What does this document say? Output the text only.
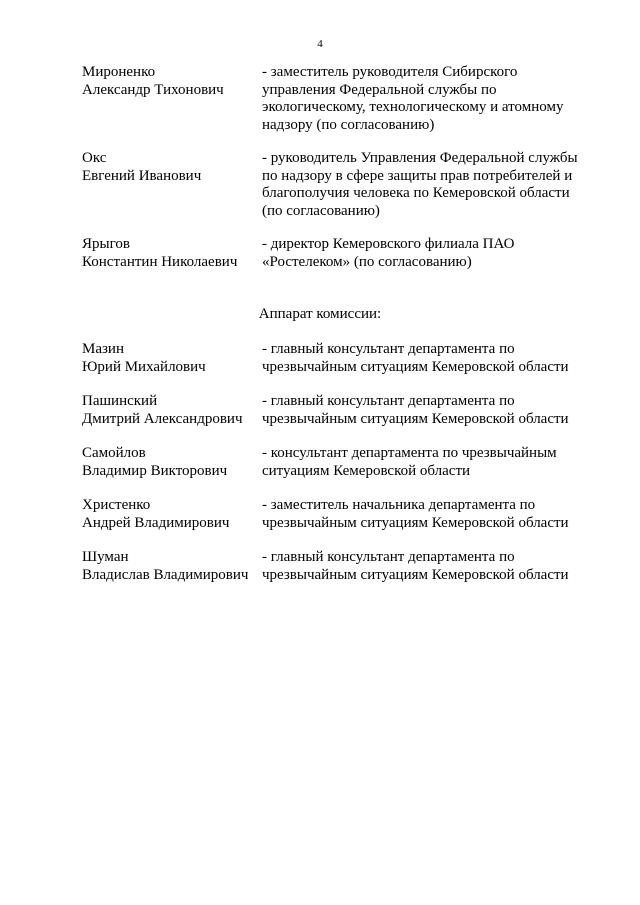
4
Мироненко
Александр Тихонович
- заместитель руководителя Сибирского
управления Федеральной службы по
экологическому, технологическому и атомному
надзору (по согласованию)
Окс
Евгений Иванович
- руководитель Управления Федеральной службы
по надзору в сфере защиты прав потребителей и
благополучия человека по Кемеровской области
(по согласованию)
Ярыгов
Константин Николаевич
- директор Кемеровского филиала ПАО
«Ростелеком» (по согласованию)
Аппарат комиссии:
Мазин
Юрий Михайлович
- главный консультант департамента по
чрезвычайным ситуациям Кемеровской области
Пашинский
Дмитрий Александрович
- главный консультант департамента по
чрезвычайным ситуациям Кемеровской области
Самойлов
Владимир Викторович
- консультант департамента по чрезвычайным
ситуациям Кемеровской области
Христенко
Андрей Владимирович
- заместитель начальника департамента по
чрезвычайным ситуациям Кемеровской области
Шуман
Владислав Владимирович
- главный консультант департамента по
чрезвычайным ситуациям Кемеровской области
